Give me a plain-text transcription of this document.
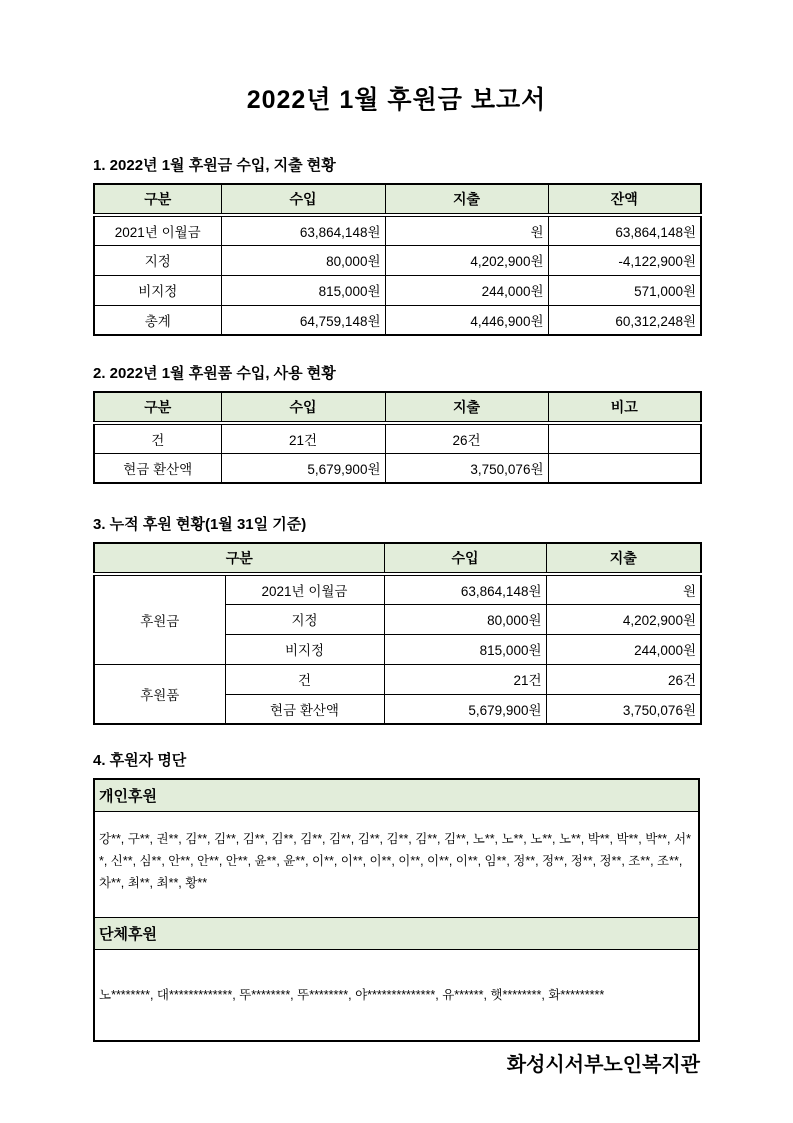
2022년 1월 후원금 보고서
1. 2022년 1월 후원금 수입, 지출 현황
구분	수입	지출	잔액
2021년 이월금	63,864,148원	원	63,864,148원
지정	80,000원	4,202,900원	-4,122,900원
비지정	815,000원	244,000원	571,000원
총계	64,759,148원	4,446,900원	60,312,248원
2. 2022년 1월 후원품 수입, 사용 현황
구분	수입	지출	비고
건	21건	26건	
현금 환산액	5,679,900원	3,750,076원	
3. 누적 후원 현황(1월 31일 기준)
구분		수입	지출
후원금	2021년 이월금	63,864,148원	원
	지정	80,000원	4,202,900원
	비지정	815,000원	244,000원
후원품	건	21건	26건
	현금 환산액	5,679,900원	3,750,076원
4. 후원자 명단
개인후원
강**, 구**, 권**, 김**, 김**, 김**, 김**, 김**, 김**, 김**, 김**, 김**, 김**, 노**, 노**, 노**, 노**, 박**, 박**, 박**, 서**, 신**, 심**, 안**, 안**, 안**, 윤**, 윤**, 이**, 이**, 이**, 이**, 이**, 이**, 임**, 정**, 정**, 정**, 정**, 조**, 조**, 차**, 최**, 최**, 황**
단체후원
노********, 대*************, 뚜********, 뚜********, 야**************, 유******, 햇********, 화*********
화성시서부노인복지관
